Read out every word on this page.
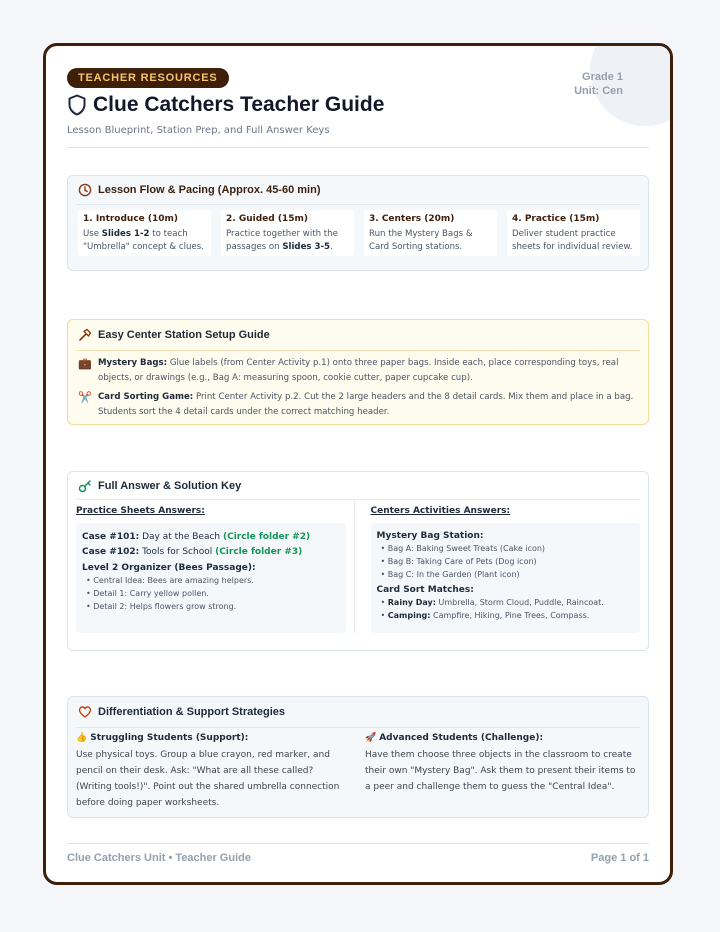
Grade 1
Unit: Cen
TEACHER RESOURCES
Clue Catchers Teacher Guide
Lesson Blueprint, Station Prep, and Full Answer Keys
Lesson Flow & Pacing (Approx. 45-60 min)
1. Introduce (10m)
Use Slides 1-2 to teach "Umbrella" concept & clues.
2. Guided (15m)
Practice together with the passages on Slides 3-5.
3. Centers (20m)
Run the Mystery Bags & Card Sorting stations.
4. Practice (15m)
Deliver student practice sheets for individual review.
Easy Center Station Setup Guide
💼 Mystery Bags: Glue labels (from Center Activity p.1) onto three paper bags. Inside each, place corresponding toys, real objects, or drawings (e.g., Bag A: measuring spoon, cookie cutter, paper cupcake cup).
✂️ Card Sorting Game: Print Center Activity p.2. Cut the 2 large headers and the 8 detail cards. Mix them and place in a bag. Students sort the 4 detail cards under the correct matching header.
Full Answer & Solution Key
Practice Sheets Answers:
Case #101: Day at the Beach (Circle folder #2)
Case #102: Tools for School (Circle folder #3)
Level 2 Organizer (Bees Passage):
• Central Idea: Bees are amazing helpers.
• Detail 1: Carry yellow pollen.
• Detail 2: Helps flowers grow strong.
Centers Activities Answers:
Mystery Bag Station:
• Bag A: Baking Sweet Treats (Cake icon)
• Bag B: Taking Care of Pets (Dog icon)
• Bag C: In the Garden (Plant icon)
Card Sort Matches:
• Rainy Day: Umbrella, Storm Cloud, Puddle, Raincoat.
• Camping: Campfire, Hiking, Pine Trees, Compass.
Differentiation & Support Strategies
👍 Struggling Students (Support):
Use physical toys. Group a blue crayon, red marker, and pencil on their desk. Ask: "What are all these called? (Writing tools!)". Point out the shared umbrella connection before doing paper worksheets.
🚀 Advanced Students (Challenge):
Have them choose three objects in the classroom to create their own "Mystery Bag". Ask them to present their items to a peer and challenge them to guess the "Central Idea".
Clue Catchers Unit • Teacher Guide	Page 1 of 1
